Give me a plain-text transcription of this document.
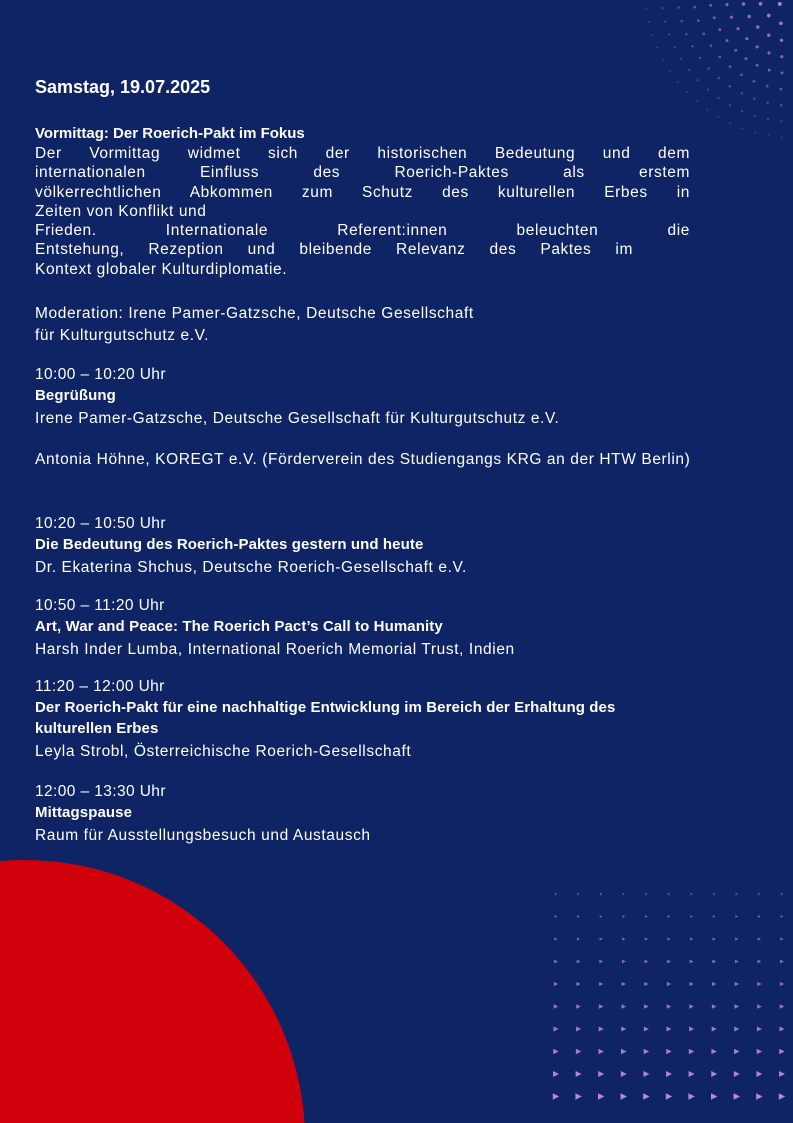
Samstag, 19.07.2025
Vormittag: Der Roerich-Pakt im Fokus
Der Vormittag widmet sich der historischen Bedeutung und dem
internationalen Einfluss des Roerich-Paktes als erstem
völkerrechtlichen Abkommen zum Schutz des kulturellen Erbes in
Zeiten von Konflikt und
Frieden. Internationale Referent:innen beleuchten die
Entstehung, Rezeption und bleibende Relevanz des Paktes im
Kontext globaler Kulturdiplomatie.
Moderation: Irene Pamer-Gatzsche, Deutsche Gesellschaft
für Kulturgutschutz e.V.
10:00 – 10:20 Uhr
Begrüßung
Irene Pamer-Gatzsche, Deutsche Gesellschaft für Kulturgutschutz e.V.
Antonia Höhne, KOREGT e.V. (Förderverein des Studiengangs KRG an der HTW Berlin)
10:20 – 10:50 Uhr
Die Bedeutung des Roerich-Paktes gestern und heute
Dr. Ekaterina Shchus, Deutsche Roerich-Gesellschaft e.V.
10:50 – 11:20 Uhr
Art, War and Peace: The Roerich Pact’s Call to Humanity
Harsh Inder Lumba, International Roerich Memorial Trust, Indien
11:20 – 12:00 Uhr
Der Roerich-Pakt für eine nachhaltige Entwicklung im Bereich der Erhaltung des kulturellen Erbes
Leyla Strobl, Österreichische Roerich-Gesellschaft
12:00 – 13:30 Uhr
Mittagspause
Raum für Ausstellungsbesuch und Austausch
